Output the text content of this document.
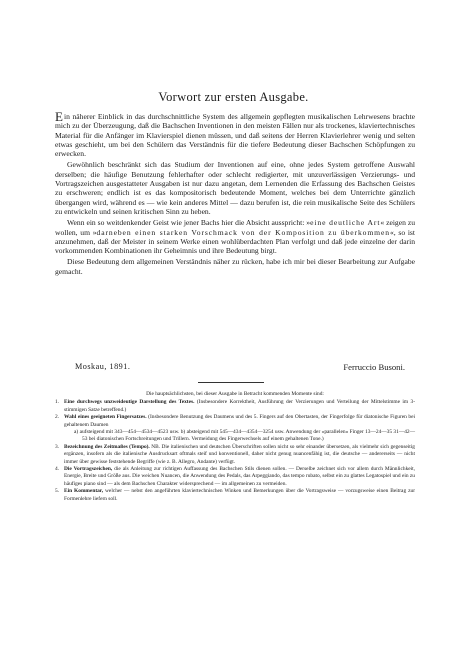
Vorwort zur ersten Ausgabe.

Ein näherer Einblick in das durchschnittliche System des allgemein gepflegten musikalischen Lehrwesens brachte mich zu der Überzeugung, daß die Bachschen Inventionen in den meisten Fällen nur als trockenes, klaviertechnisches Material für die Anfänger im Klavierspiel dienen müssen, und daß seitens der Herren Klavierlehrer wenig und selten etwas geschieht, um bei den Schülern das Verständnis für die tiefere Bedeutung dieser Bachschen Schöpfungen zu erwecken.

Gewöhnlich beschränkt sich das Studium der Inventionen auf eine, ohne jedes System getroffene Auswahl derselben; die häufige Benutzung fehlerhafter oder schlecht redigierter, mit unzuverlässigen Verzierungs- und Vortragszeichen ausgestatteter Ausgaben ist nur dazu angetan, dem Lernenden die Erfassung des Bachschen Geistes zu erschweren; endlich ist es das kompositorisch bedeutende Moment, welches bei dem Unterrichte gänzlich übergangen wird, während es — wie kein anderes Mittel — dazu berufen ist, die rein musikalische Seite des Schülers zu entwickeln und seinen kritischen Sinn zu heben.

Wenn ein so weitdenkender Geist wie jener Bachs hier die Absicht ausspricht: »eine deutliche Art« zeigen zu wollen, um »darneben einen starken Vorschmack von der Komposition zu überkommen«, so ist anzunehmen, daß der Meister in seinem Werke einen wohlüberdachten Plan verfolgt und daß jede einzelne der darin vorkommenden Kombinationen ihr Geheimnis und ihre Bedeutung birgt.

Diese Bedeutung dem allgemeinen Verständnis näher zu rücken, habe ich mir bei dieser Bearbeitung zur Aufgabe gemacht.

Moskau, 1891.	Ferruccio Busoni.

Die hauptsächlichsten, bei dieser Ausgabe in Betracht kommenden Momente sind:

1. Eine durchwegs unzweideutige Darstellung des Textes. (Insbesondere Korrektheit, Ausführung der Verzierungen und Verteilung der Mittelstimme im 3-stimmigen Satze betreffend.)
2. Wahl eines geeigneten Fingersatzes. (Insbesondere Benutzung des Daumens und des 5. Fingers auf den Obertasten, der Fingerfolge für diatonische Figuren bei gehaltenem Daumen
a) aufsteigend mit 343—454—4534—4523 usw. b) absteigend mit 545—434—4354—3254 usw. Anwendung der »parallelen« Finger 13—24—35 31—42—53 bei diatonischen Fortschreitungen und Trillern. Vermeidung des Fingerwechsels auf einem gehaltenen Tone.)
3. Bezeichnung des Zeitmaßes (Tempo). NB. Die italienischen und deutschen Überschriften sollen nicht so sehr einander übersetzen, als vielmehr sich gegenseitig ergänzen, insofern als die italienische Ausdrucksart oftmals steif und konventionell, daher nicht genug nuancenfähig ist, die deutsche — andererseits — nicht immer über gewisse feststehende Begriffe (wie z. B. Allegro, Andante) verfügt.
4. Die Vortragszeichen, die als Anleitung zur richtigen Auffassung des Bachschen Stils dienen sollen. — Derselbe zeichnet sich vor allem durch Männlichkeit, Energie, Breite und Größe aus. Die weichen Nuancen, die Anwendung des Pedals, das Arpeggiando, das tempo rubato, selbst ein zu glattes Legatospiel und ein zu häufiges piano sind — als dem Bachschen Charakter widersprechend — im allgemeinen zu vermeiden.
5. Ein Kommentar, welcher — nebst den angeführten klaviertechnischen Winken und Bemerkungen über die Vortragsweise — vorzugsweise einen Beitrag zur Formenlehre liefern soll.
